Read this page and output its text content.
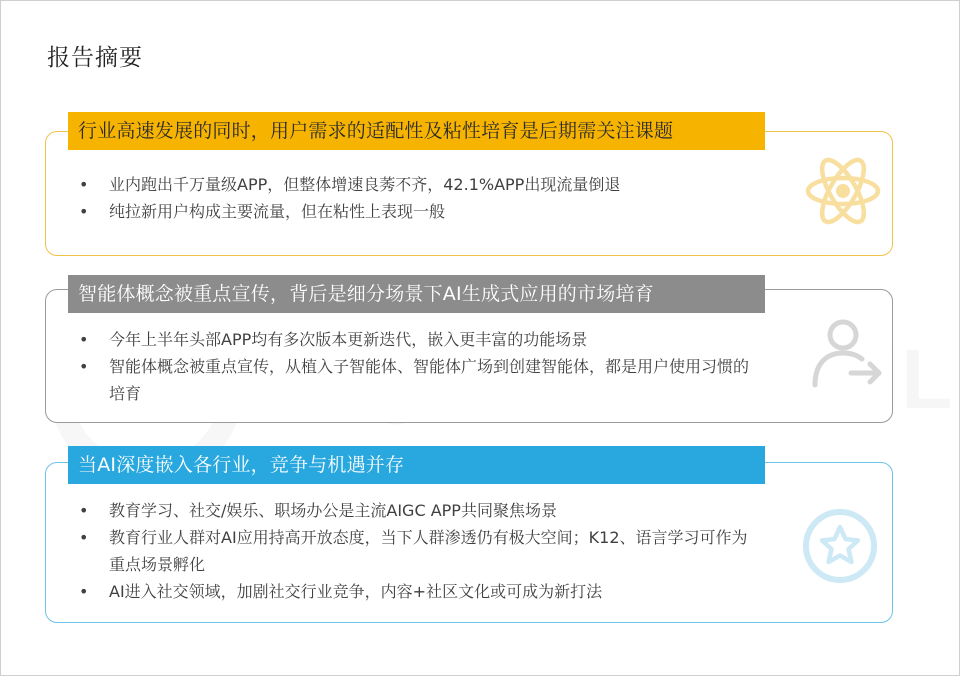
报告摘要
行业高速发展的同时，用户需求的适配性及粘性培育是后期需关注课题
• 业内跑出千万量级APP，但整体增速良莠不齐，42.1%APP出现流量倒退
• 纯拉新用户构成主要流量，但在粘性上表现一般
智能体概念被重点宣传，背后是细分场景下AI生成式应用的市场培育
• 今年上半年头部APP均有多次版本更新迭代，嵌入更丰富的功能场景
• 智能体概念被重点宣传，从植入子智能体、智能体广场到创建智能体，都是用户使用习惯的培育
当AI深度嵌入各行业，竞争与机遇并存
• 教育学习、社交/娱乐、职场办公是主流AIGC APP共同聚焦场景
• 教育行业人群对AI应用持高开放态度，当下人群渗透仍有极大空间；K12、语言学习可作为重点场景孵化
• AI进入社交领域，加剧社交行业竞争，内容+社区文化或可成为新打法
